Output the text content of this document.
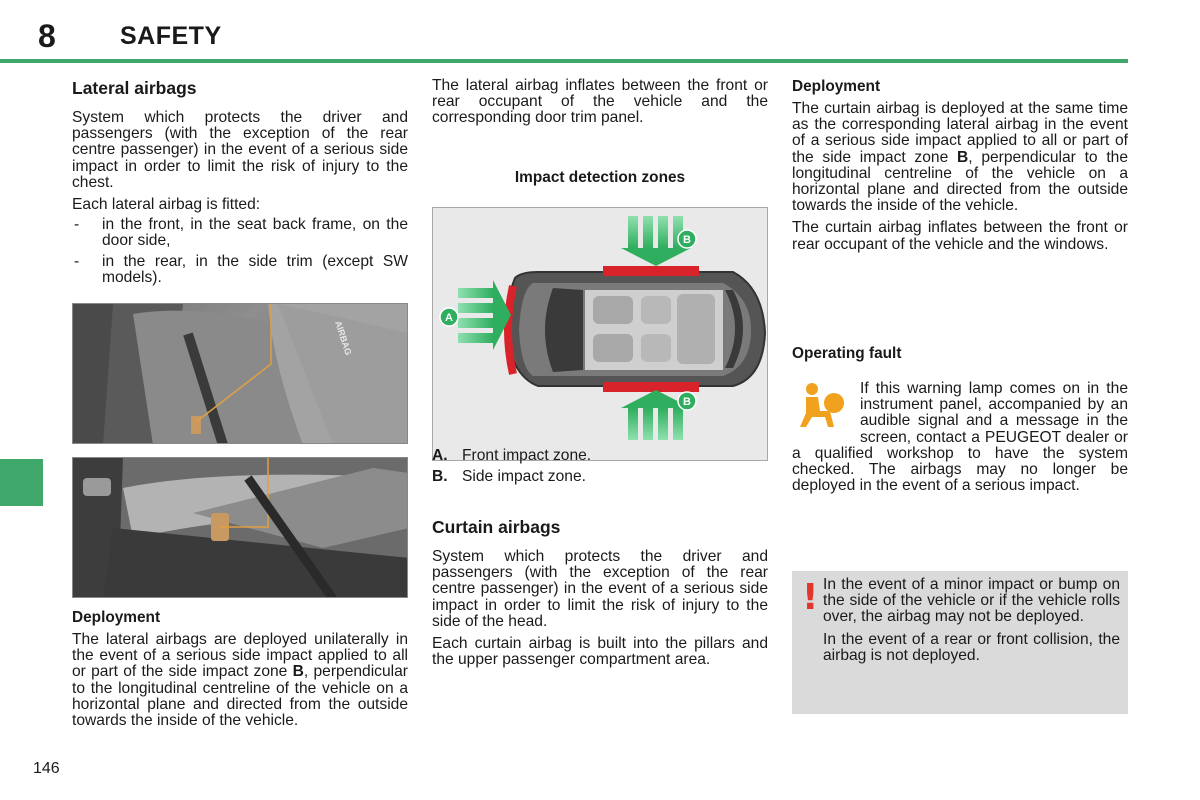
8	SAFETY
Lateral airbags

System which protects the driver and passengers (with the exception of the rear centre passenger) in the event of a serious side impact in order to limit the risk of injury to the chest.

Each lateral airbag is fitted:

- in the front, in the seat back frame, on the door side,
- in the rear, in the side trim (except SW models).
AIRBAG
Deployment

The lateral airbags are deployed unilaterally in the event of a serious side impact applied to all or part of the side impact zone B, perpendicular to the longitudinal centreline of the vehicle on a horizontal plane and directed from the outside towards the inside of the vehicle.

The lateral airbag inflates between the front or rear occupant of the vehicle and the corresponding door trim panel.

Impact detection zones
A
B
B
A. Front impact zone.
B. Side impact zone.
Curtain airbags

System which protects the driver and passengers (with the exception of the rear centre passenger) in the event of a serious side impact in order to limit the risk of injury to the side of the head.

Each curtain airbag is built into the pillars and the upper passenger compartment area.

Deployment

The curtain airbag is deployed at the same time as the corresponding lateral airbag in the event of a serious side impact applied to all or part of the side impact zone B, perpendicular to the longitudinal centreline of the vehicle on a horizontal plane and directed from the outside towards the inside of the vehicle.

The curtain airbag inflates between the front or rear occupant of the vehicle and the windows.

Operating fault

If this warning lamp comes on in the instrument panel, accompanied by an audible signal and a message in the screen, contact a PEUGEOT dealer or a qualified workshop to have the system checked. The airbags may no longer be deployed in the event of a serious impact.

! In the event of a minor impact or bump on the side of the vehicle or if the vehicle rolls over, the airbag may not be deployed.

In the event of a rear or front collision, the airbag is not deployed.

146
